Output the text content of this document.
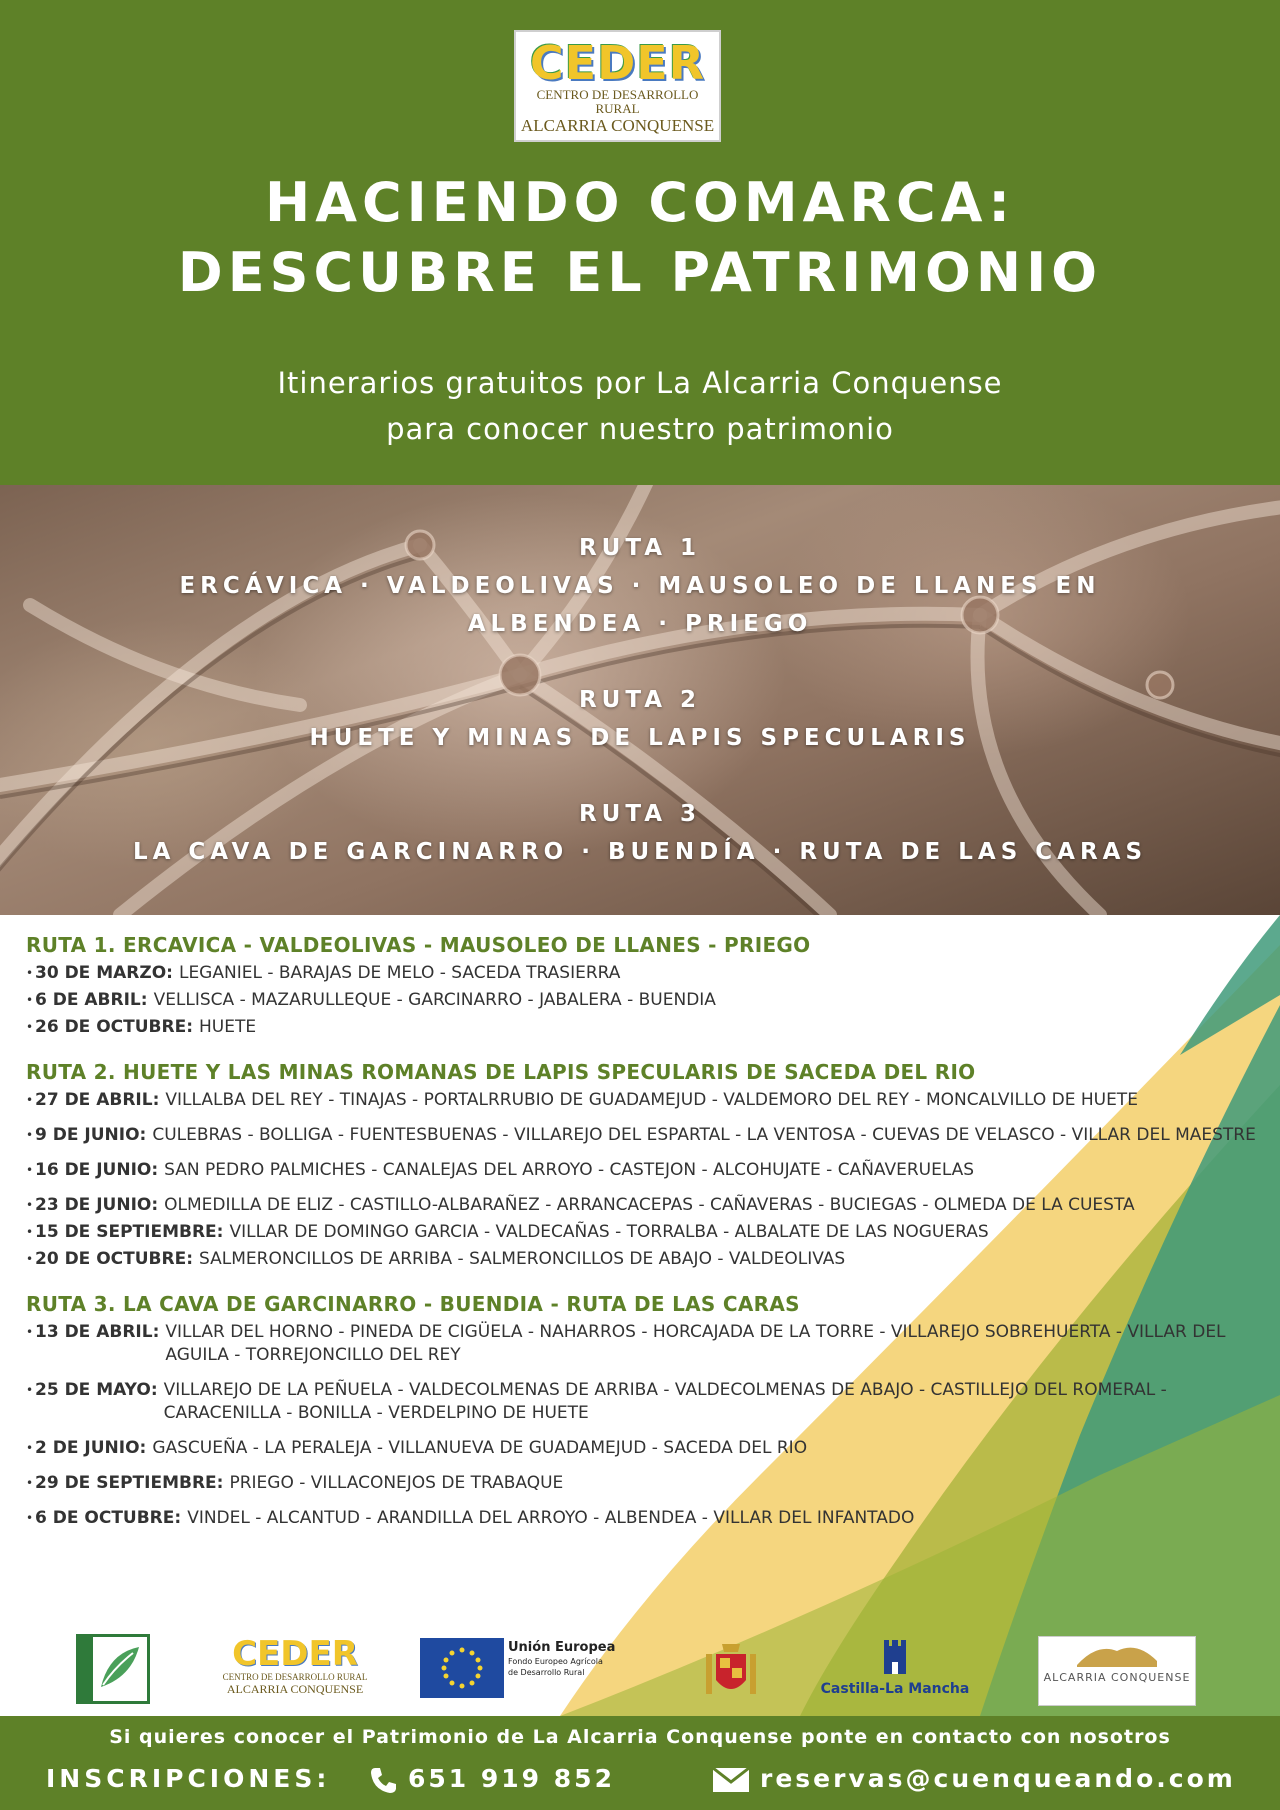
CEDER
CENTRO DE DESARROLLO RURAL
ALCARRIA CONQUENSE
HACIENDO COMARCA:
DESCUBRE EL PATRIMONIO
Itinerarios gratuitos por La Alcarria Conquense
para conocer nuestro patrimonio
RUTA 1
ERCÁVICA · VALDEOLIVAS · MAUSOLEO DE LLANES EN
ALBENDEA · PRIEGO
RUTA 2
HUETE Y MINAS DE LAPIS SPECULARIS
RUTA 3
LA CAVA DE GARCINARRO · BUENDÍA · RUTA DE LAS CARAS
RUTA 1. ERCAVICA - VALDEOLIVAS - MAUSOLEO DE LLANES - PRIEGO
• 30 DE MARZO: LEGANIEL - BARAJAS DE MELO - SACEDA TRASIERRA
• 6 DE ABRIL: VELLISCA - MAZARULLEQUE - GARCINARRO - JABALERA - BUENDIA
• 26 DE OCTUBRE: HUETE
RUTA 2. HUETE Y LAS MINAS ROMANAS DE LAPIS SPECULARIS DE SACEDA DEL RIO
• 27 DE ABRIL: VILLALBA DEL REY - TINAJAS - PORTALRRUBIO DE GUADAMEJUD - VALDEMORO DEL REY - MONCALVILLO DE HUETE
• 9 DE JUNIO: CULEBRAS - BOLLIGA - FUENTESBUENAS - VILLAREJO DEL ESPARTAL - LA VENTOSA - CUEVAS DE VELASCO - VILLAR DEL MAESTRE
• 16 DE JUNIO: SAN PEDRO PALMICHES - CANALEJAS DEL ARROYO - CASTEJON - ALCOHUJATE - CAÑAVERUELAS
• 23 DE JUNIO: OLMEDILLA DE ELIZ - CASTILLO-ALBARAÑEZ - ARRANCACEPAS - CAÑAVERAS - BUCIEGAS - OLMEDA DE LA CUESTA
• 15 DE SEPTIEMBRE: VILLAR DE DOMINGO GARCIA - VALDECAÑAS - TORRALBA - ALBALATE DE LAS NOGUERAS
• 20 DE OCTUBRE: SALMERONCILLOS DE ARRIBA - SALMERONCILLOS DE ABAJO - VALDEOLIVAS
RUTA 3. LA CAVA DE GARCINARRO - BUENDIA - RUTA DE LAS CARAS
• 13 DE ABRIL: VILLAR DEL HORNO - PINEDA DE CIGÜELA - NAHARROS - HORCAJADA DE LA TORRE - VILLAREJO SOBREHUERTA - VILLAR DEL AGUILA - TORREJONCILLO DEL REY
• 25 DE MAYO: VILLAREJO DE LA PEÑUELA - VALDECOLMENAS DE ARRIBA - VALDECOLMENAS DE ABAJO - CASTILLEJO DEL ROMERAL - CARACENILLA - BONILLA - VERDELPINO DE HUETE
• 2 DE JUNIO: GASCUEÑA - LA PERALEJA - VILLANUEVA DE GUADAMEJUD - SACEDA DEL RIO
• 29 DE SEPTIEMBRE: PRIEGO - VILLACONEJOS DE TRABAQUE
• 6 DE OCTUBRE: VINDEL - ALCANTUD - ARANDILLA DEL ARROYO - ALBENDEA - VILLAR DEL INFANTADO
CEDER
CENTRO DE DESARROLLO RURAL
ALCARRIA CONQUENSE
Unión Europea
Fondo Europeo Agrícola
de Desarrollo Rural
Castilla-La Mancha
ALCARRIA CONQUENSE
Si quieres conocer el Patrimonio de La Alcarria Conquense ponte en contacto con nosotros
INSCRIPCIONES:	651 919 852	reservas@cuenqueando.com
